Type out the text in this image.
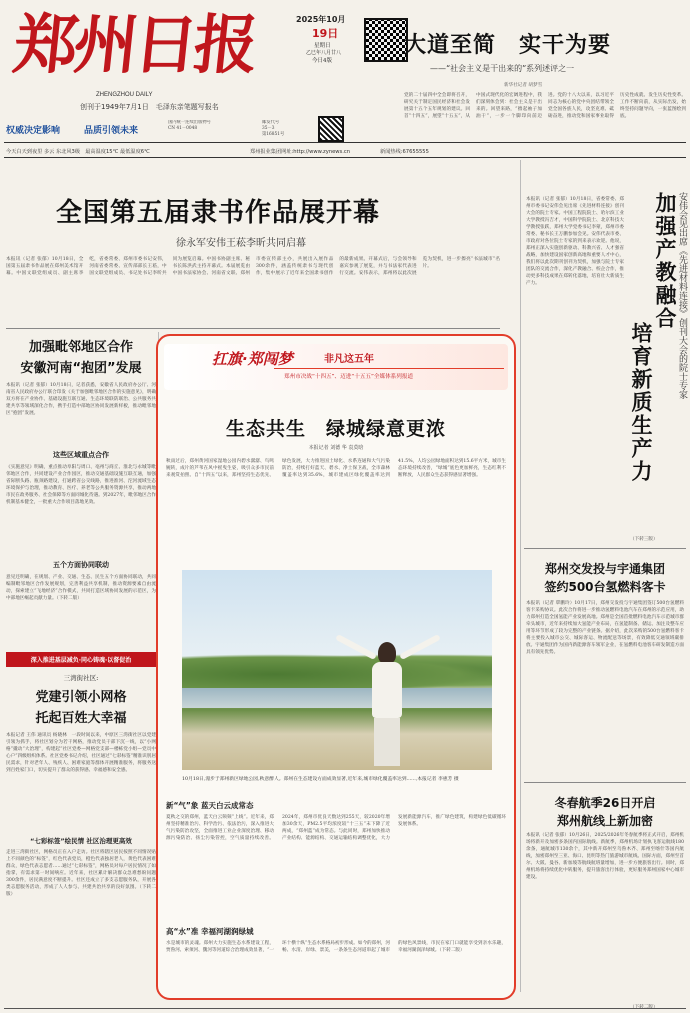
郑州日报
ZHENGZHOU DAILY
创刊于1949年7月1日　毛泽东亲笔题写报名
2025年10月
19日
星期日
乙巳年八月廿八
今日4版
权威决定影响	品质引领未来
国内统一连续出版物号
CN 41－0048
邮发代号
35－3
第16851号
今天白天到夜里 多云 东北风3级　最高温度15℃ 最低温度6℃	郑州报业集团网址:http://www.zynews.cn	新闻热线:67655555
大道至简　实干为要
——“社会主义是干出来的”系列述评之一
新华社记者 胡梦雪
党的二十届四中全会即将召开，研究关于制定国民经济和社会发展第十五个五年规划的建议。回首“十四五”，展望“十五五”，从中国式现代化的宏阔进程中，我们深刻体会到：社会主义是干出来的。回望来路，“撸起袖子加油干”，一步一个脚印向前迈进。党的十八大以来，以习近平同志为核心的党中央团结带领全党全国各族人民，攻坚克难、砥砺奋进，推动党和国家事业取得历史性成就、发生历史性变革。工作不断向前，从实际出发，始终坚持问题导向，一张蓝图绘到底。
全国第五届隶书作品展开幕
徐永军安伟王菘李昕共同启幕
本报讯（记者 张郁）10月18日，全国第五届隶书作品展在郑州美术馆开幕。中国文联党组成员、副主席李屹，省委常委、郑州市委书记安伟，河南省委常委、宣传部部长王菘，中国文联党组成员、书记处书记李昕共同为展览启幕。中国书协副主席、秘书长陈洪武主持开幕式。本届展览由中国书法家协会、河南省文联、郑州市委宣传部主办，共展出入展作品300余件，涵盖传统隶书与现代创作，集中展示了近年来全国隶书创作的最新成果。开幕式后，与会领导和嘉宾参观了展览，并与书法家代表进行交流。安伟表示，郑州将以此次展览为契机，进一步擦亮“书法城市”名片。
加强毗邻地区合作
安徽河南“抱团”发展
本报讯（记者 张郁）10月18日，记者获悉，安徽省人民政府办公厅、河南省人民政府办公厅联合印发《关于加强毗邻地区合作的实施意见》，明确双方将在产业协作、基础设施互联互通、生态环境联防联治、公共服务共建共享等领域深化合作，携手打造中部地区协同发展新样板，推动毗邻地区“抱团”发展。
这些区域重点合作
《实施意见》明确，重点推动阜阳与周口、亳州与商丘、淮北与永城等毗邻地区合作，共同建设产业合作园区，推动交通基础设施互联互通，加强省际断头路、瓶颈路建设，打通跨省公交线路，推进淮河、沱河流域生态环境保护与治理，推动教育、医疗、养老等公共服务资源共享，推动两地市民在政务服务、社会保障等方面同城化待遇。到2027年，毗邻地区合作机制基本健全，一批重大合作项目落地见效。
五个方面协同联动
意见还明确，在规划、产业、交通、生态、民生五个方面协同联动，共同编制毗邻地区合作发展规划，完善利益共享机制，推动资源要素自由流动，探索建立“飞地经济”合作模式，共同打造区域协同发展的示范区，为中部地区崛起贡献力量。（下转二版）
深入推进基层减负·同心铸魂·以督促治
三湾街社区:
党建引领小网格
托起百姓大幸福
本报记者 王伟 通讯员 杨晓林　一段时间以来，中原区三湾街社区以党建引领为抓手，将社区划分为若干网格，推动党员干部下沉一线，以“小网格”撬动“大治理”，构建起“社区党委—网格党支部—楼栋党小组—党员中心户”四级组织体系。社区党委书记介绍，社区通过“七彩标签”精准识别居民需求，针对老年人、残疾人、困难家庭等群体开展精准服务，将服务送到百姓家门口，切实提升了群众的获得感、幸福感和安全感。
“七彩标签”绘民情 社区治理更高效
走进三湾街社区，网格员正在入户走访。社区将辖区居民按照不同情况贴上不同颜色的“标签”，红色代表党员，橙色代表独居老人，黄色代表困难群众，绿色代表志愿者……通过“七彩标签”，网格员对每户居民情况了如指掌，有需求第一时间响应。近年来，社区累计解决群众急难愁盼问题300余件，居民满意度不断提升。社区还成立了多支志愿服务队，开展各类志愿服务活动，形成了人人参与、共建共治共享的良好氛围。（下转二版）
扛旗·郑闯梦	非凡这五年
郑州市决战“十四五”、迈进“十五五”全媒体系列报道
生态共生　绿城绿意更浓
本报记者 刘德 华 袁莫晗
秋雨过后，郑州黄河国家湿地公园内碧水潺潺、鸟鸣婉转，成片的芦苇在风中摇曳生姿，吸引众多市民前来观赏拍照。自“十四五”以来，郑州坚持生态优先、绿色发展，大力推进国土绿化、水系连通和大气污染防治，持续打好蓝天、碧水、净土保卫战，全市森林覆盖率达到35.6%，城市建成区绿化覆盖率达到41.5%，人均公园绿地面积达到15.6平方米，城市生态环境持续改善，“绿城”底色更加鲜亮，生态红利不断释放，人民群众生态获得感显著增强。
10月18日,漫步于郑州新区绿地公园,秋意醉人。郑州在生态建设方面成效显著,近年来,城市绿化覆盖率达到......,本报记者 李惠芳 摄
新“气”象 蓝天白云成常态
夏秋之交的郑州，蓝天白云频频“上线”。近年来，郑州坚持精准治污、科学治污、依法治污，深入推进大气污染防治攻坚，全面推进工业企业深度治理、移动源污染防治、扬尘污染管控，空气质量持续改善。2024年，郑州市优良天数达到255天，较2020年增加30余天，PM2.5平均浓度较“十三五”末下降了近两成，“郑州蓝”成为常态。与此同时，郑州加快推动产业结构、能源结构、交通运输结构调整优化，大力发展新能源汽车，推广绿色建筑，构建绿色低碳循环发展体系。
高“水”准 幸福河湖润绿城
水是城市的灵魂。郑州大力实施生态水系建设工程，贾鲁河、索须河、魏河等河道综合治理成效显著，“一环十横十纵”生态水系格局初步形成。如今的郑州，河畅、水清、岸绿、景美，一条条生态河道串起了城市的绿色风景线，市民在家门口就能享受到亲水乐趣，幸福河湖润泽绿城。（下转二版）
本报讯（记者 张郁）10月18日，省委常委、郑州市委书记安伟会见出席《先进材料连接》创刊大会的院士专家。中国工程院院士、哈尔滨工业大学教授冯吉才，中国科学院院士、北京科技大学教授张跃，郑州大学党委书记李蒙，郑州市委常委、秘书长王万鹏参加会见。安伟代表市委、市政府对各位院士专家的到来表示欢迎。他说，郑州正深入实施创新驱动、科教兴省、人才强省战略，加快建设国家创新高地和重要人才中心，我们将以此次期刊创刊为契机，加强与院士专家团队的交流合作，深化产教融合、校企合作，推动更多科技成果在郑转化落地，培育壮大新质生产力。	加强产教融合
培育新质生产力
安伟会见出席《先进材料连接》创刊大会的院士专家
郑州交发投与宇通集团
签约500台氢燃料客卡
本报讯（记者 覃鹏玲）10月17日，郑州交发投与宇通集团签订500台氢燃料客卡采购协议。此次合作将进一步推动氢燃料电池汽车在郑州的示范应用，助力郑州打造全国氢能产业发展高地。郑州是全国首批燃料电池汽车示范城市群牵头城市，近年来持续加大氢能产业布局，在氢能制备、储运、加注及整车应用等环节形成了较为完整的产业链条。据介绍，此次采购的500台氢燃料客卡将主要投入城市公交、城际客运、物流配送等场景，有效降低交通领域碳排放。宇通集团作为国内新能源客车领军企业，在氢燃料电池客车研发制造方面具有领先优势。
冬春航季26日开启
郑州航线上新加密
本报讯（记者 张郁）10月26日，2025/2026年冬春航季将正式开启，郑州机场将新开及加密多条国内国际航线。新航季，郑州机场计划执飞客运航线180余条，通航城市130余个，其中新开郑州至乌鲁木齐、郑州至喀什等国内航线，加密郑州至三亚、海口、昆明等热门旅游城市航线。国际方面，郑州至首尔、大阪、曼谷、新加坡等航线航班量增加，进一步方便旅客出行。同时，郑州机场将持续优化中转服务，提升旅客出行体验，更好服务郑州国家中心城市建设。
（下转三版）
